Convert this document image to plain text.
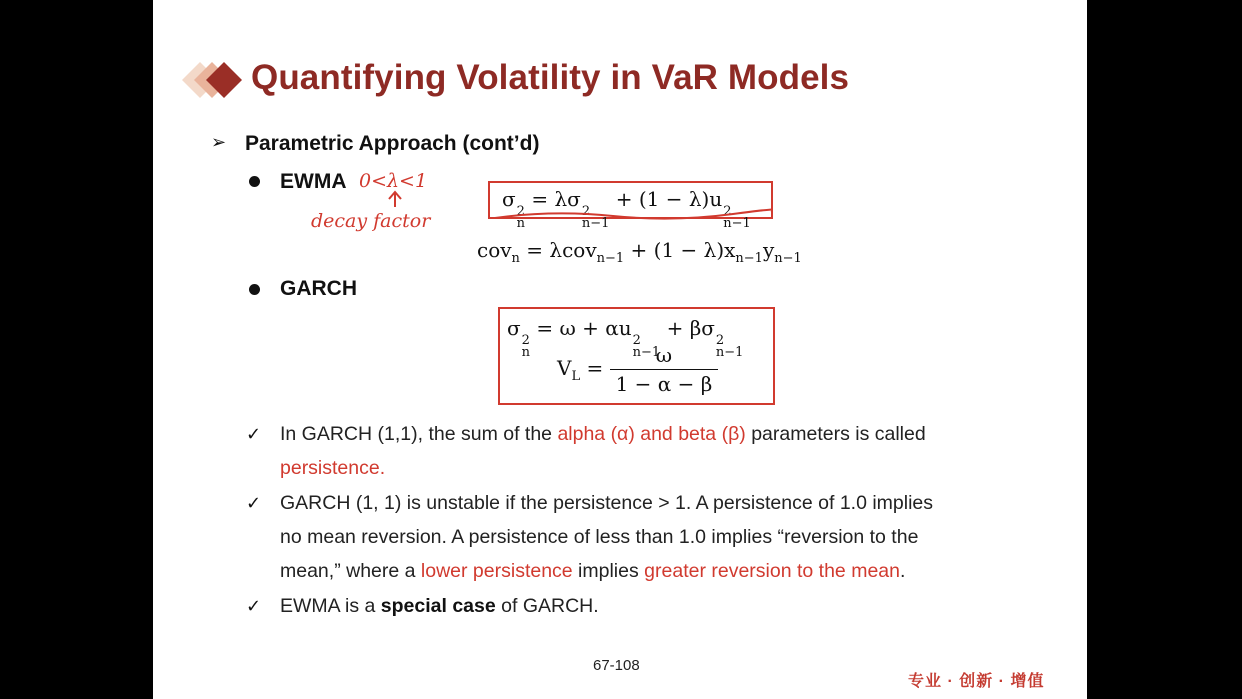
Quantifying Volatility in VaR Models
➢ Parametric Approach (cont’d)
EWMA 0<λ<1
decay factor
σ
2
n
= λσ
2
n−1
+ (1 − λ)u
2
n−1
$cov_n = \lambda cov_{n-1} + (1 - \lambda)x_{n-1}y_{n-1}$
GARCH
σ
2
n
= ω + αu
2
n−1
+ βσ
2
n−1
$V_L = \frac{\omega}{1 - \alpha - \beta}$
✓ In GARCH (1,1), the sum of the alpha (α) and beta (β) parameters is called
persistence.
✓ GARCH (1, 1) is unstable if the persistence > 1. A persistence of 1.0 implies
no mean reversion. A persistence of less than 1.0 implies “reversion to the
mean,” where a lower persistence implies greater reversion to the mean.
✓ EWMA is a special case of GARCH.
67-108
专业 · 创新 · 增值
